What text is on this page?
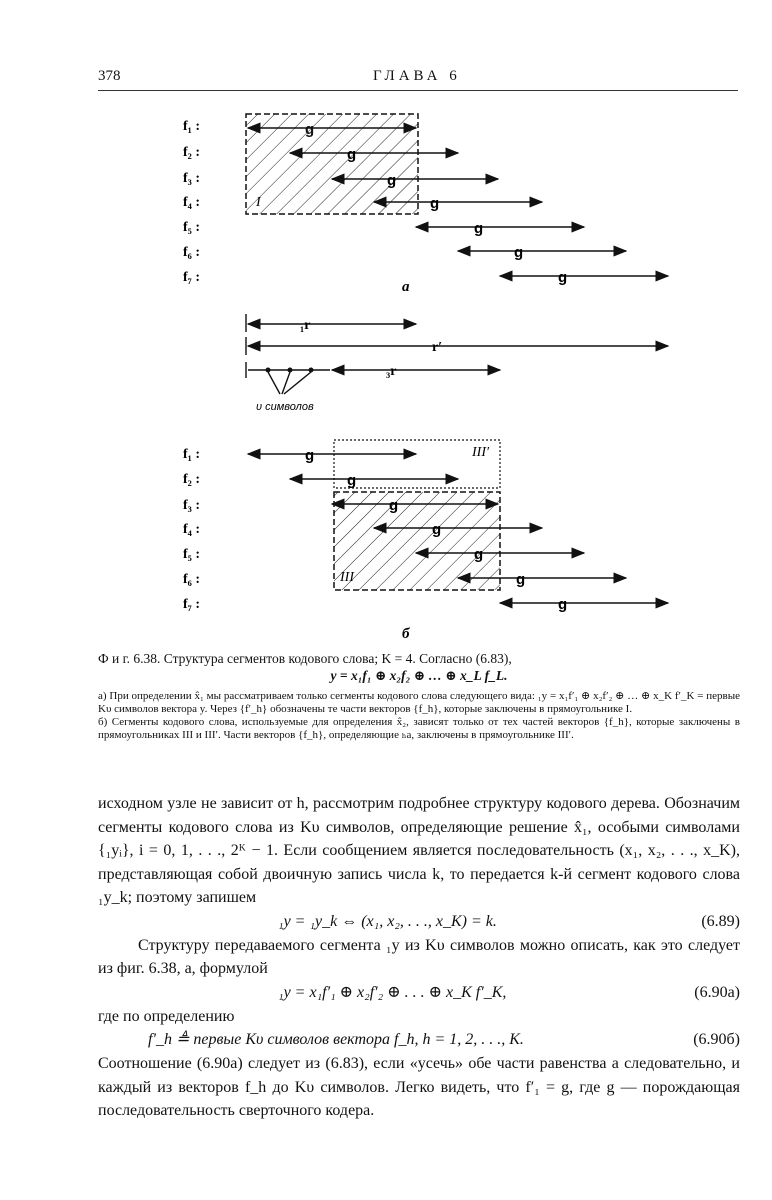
378	ГЛАВА 6
f₁ :
f₂ :
f₃ :
f₄ :
f₅ :
f₆ :
f₇ :
I
g
g
g
g
g
g
g
a
₁r
r′
₃r
υ символов
f₁ :
f₂ :
f₃ :
f₄ :
f₅ :
f₆ :
f₇ :
III′
III
g
g
g
g
g
g
g
б
Ф и г. 6.38. Структура сегментов кодового слова; K = 4. Согласно (6.83),
y = x₁f₁ ⊕ x₂f₂ ⊕ … ⊕ x_L f_L.

а) При определении x̂₁ мы рассматриваем только сегменты кодового слова следующего вида: ₁y = x₁f′₁ ⊕ x₂f′₂ ⊕ … ⊕ x_K f′_K = первые Kυ символов вектора y. Через {f′_h} обозначены те части векторов {f_h}, которые заключены в прямоугольнике I.

б) Сегменты кодового слова, используемые для определения x̂₂, зависят только от тех частей векторов {f_h}, которые заключены в прямоугольниках III и III′. Части векторов {f_h}, определяющие ₕa, заключены в прямоугольнике III′.

исходном узле не зависит от h, рассмотрим подробнее структуру кодового дерева. Обозначим сегменты кодового слова из Kυ символов, определяющие решение x̂₁, особыми символами {₁yᵢ}, i = 0, 1, . . ., 2ᴷ − 1. Если сообщением является последовательность (x₁, x₂, . . ., x_K), представляющая собой двоичную запись числа k, то передается k-й сегмент кодового слова ₁y_k; поэтому запишем

₁y = ₁y_k ⇔ (x₁, x₂, . . ., x_K) = k.	(6.89)

Структуру передаваемого сегмента ₁y из Kυ символов можно описать, как это следует из фиг. 6.38, a, формулой

₁y = x₁f′₁ ⊕ x₂f′₂ ⊕ . . . ⊕ x_K f′_K,	(6.90а)

где по определению

f′_h ≜ первые Kυ символов вектора f_h, h = 1, 2, . . ., K.	(6.90б)

Соотношение (6.90а) следует из (6.83), если «усечь» обе части равенства а следовательно, и каждый из векторов f_h до Kυ символов. Легко видеть, что f′₁ = g, где g — порождающая последовательность сверточного кодера.
